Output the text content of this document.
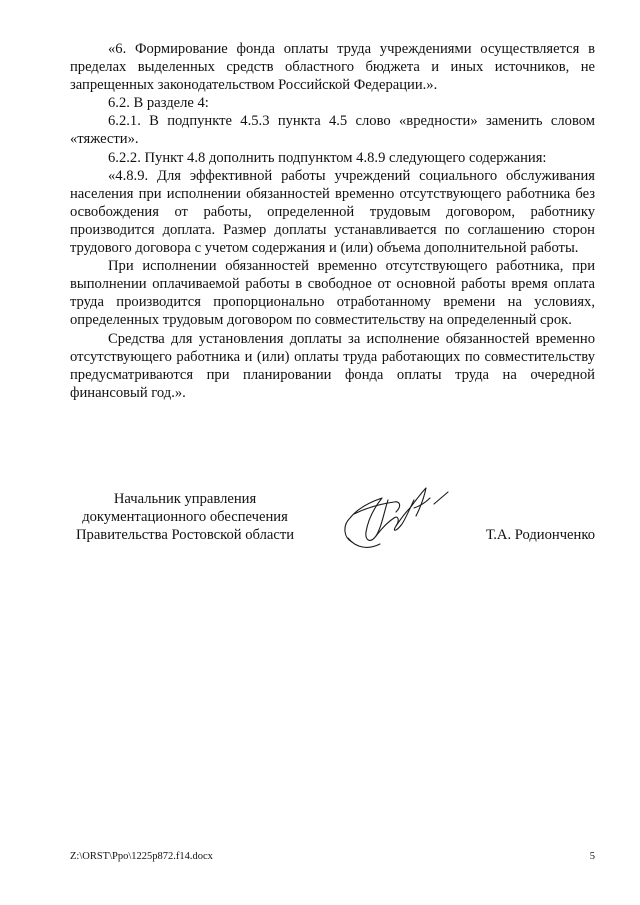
«6. Формирование фонда оплаты труда учреждениями осуществляется в пределах выделенных средств областного бюджета и иных источников, не запрещенных законодательством Российской Федерации.».

6.2. В разделе 4:

6.2.1. В подпункте 4.5.3 пункта 4.5 слово «вредности» заменить словом «тяжести».

6.2.2. Пункт 4.8 дополнить подпунктом 4.8.9 следующего содержания:

«4.8.9. Для эффективной работы учреждений социального обслуживания населения при исполнении обязанностей временно отсутствующего работника без освобождения от работы, определенной трудовым договором, работнику производится доплата. Размер доплаты устанавливается по соглашению сторон трудового договора с учетом содержания и (или) объема дополнительной работы.

При исполнении обязанностей временно отсутствующего работника, при выполнении оплачиваемой работы в свободное от основной работы время оплата труда производится пропорционально отработанному времени на условиях, определенных трудовым договором по совместительству на определенный срок.

Средства для установления доплаты за исполнение обязанностей временно отсутствующего работника и (или) оплаты труда работающих по совместительству предусматриваются при планировании фонда оплаты труда на очередной финансовый год.».

Начальник управления
документационного обеспечения
Правительства Ростовской области	Т.А. Родионченко
Z:\ORST\Ppo\1225p872.f14.docx	5
